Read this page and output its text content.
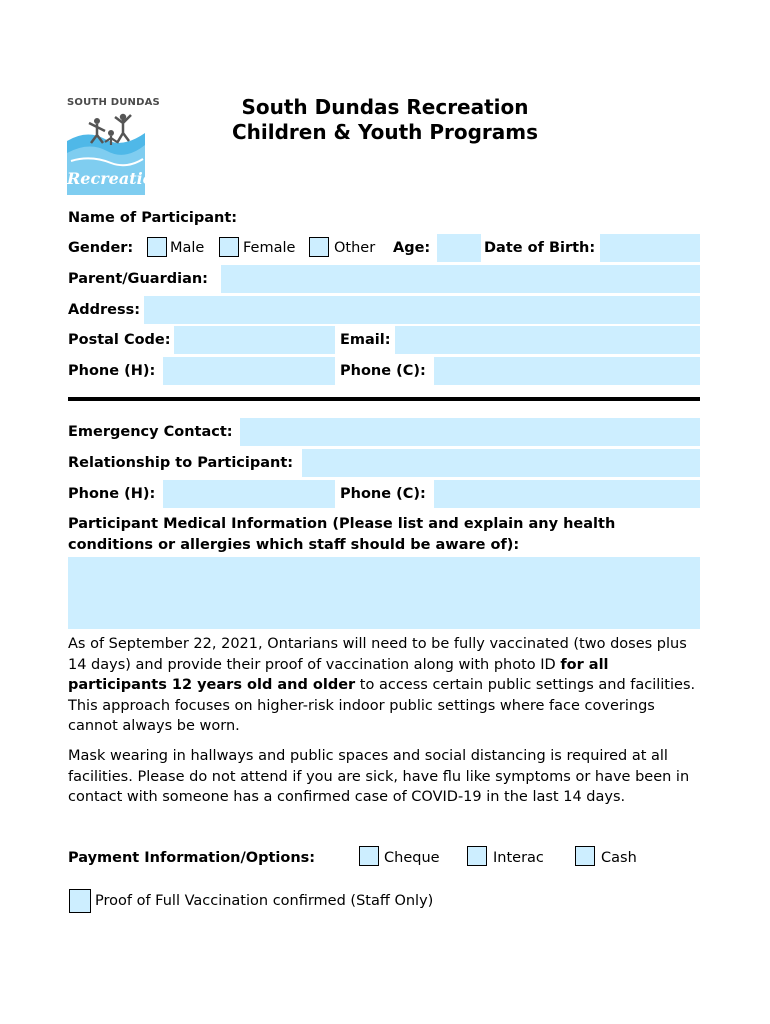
SOUTH DUNDAS
Recreation
South Dundas Recreation
Children & Youth Programs
Name of Participant:
Gender:	Male	Female	Other Age:	Date of Birth:
Parent/Guardian:
Address:
Postal Code:	Email:
Phone (H):	Phone (C):
Emergency Contact:
Relationship to Participant:
Phone (H):	Phone (C):
Participant Medical Information (Please list and explain any health
conditions or allergies which staff should be aware of):
As of September 22, 2021, Ontarians will need to be fully vaccinated (two doses plus 14 days) and provide their proof of vaccination along with photo ID for all participants 12 years old and older to access certain public settings and facilities. This approach focuses on higher-risk indoor public settings where face coverings cannot always be worn.
Mask wearing in hallways and public spaces and social distancing is required at all facilities. Please do not attend if you are sick, have flu like symptoms or have been in contact with someone has a confirmed case of COVID-19 in the last 14 days.
Payment Information/Options:	Cheque	Interac	Cash
Proof of Full Vaccination confirmed (Staff Only)
